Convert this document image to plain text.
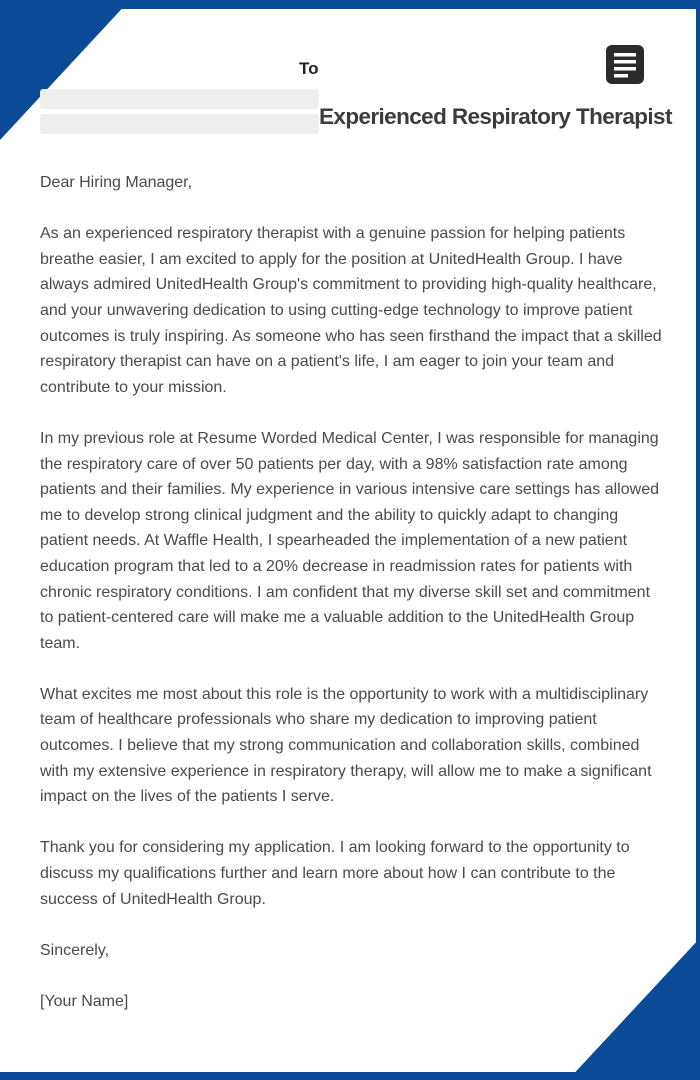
To
Experienced Respiratory Therapist

Dear Hiring Manager,

As an experienced respiratory therapist with a genuine passion for helping patients breathe easier, I am excited to apply for the position at UnitedHealth Group. I have always admired UnitedHealth Group's commitment to providing high-quality healthcare, and your unwavering dedication to using cutting-edge technology to improve patient outcomes is truly inspiring. As someone who has seen firsthand the impact that a skilled respiratory therapist can have on a patient's life, I am eager to join your team and contribute to your mission.

In my previous role at Resume Worded Medical Center, I was responsible for managing the respiratory care of over 50 patients per day, with a 98% satisfaction rate among patients and their families. My experience in various intensive care settings has allowed me to develop strong clinical judgment and the ability to quickly adapt to changing patient needs. At Waffle Health, I spearheaded the implementation of a new patient education program that led to a 20% decrease in readmission rates for patients with chronic respiratory conditions. I am confident that my diverse skill set and commitment to patient-centered care will make me a valuable addition to the UnitedHealth Group team.

What excites me most about this role is the opportunity to work with a multidisciplinary team of healthcare professionals who share my dedication to improving patient outcomes. I believe that my strong communication and collaboration skills, combined with my extensive experience in respiratory therapy, will allow me to make a significant impact on the lives of the patients I serve.

Thank you for considering my application. I am looking forward to the opportunity to discuss my qualifications further and learn more about how I can contribute to the success of UnitedHealth Group.

Sincerely,

[Your Name]
